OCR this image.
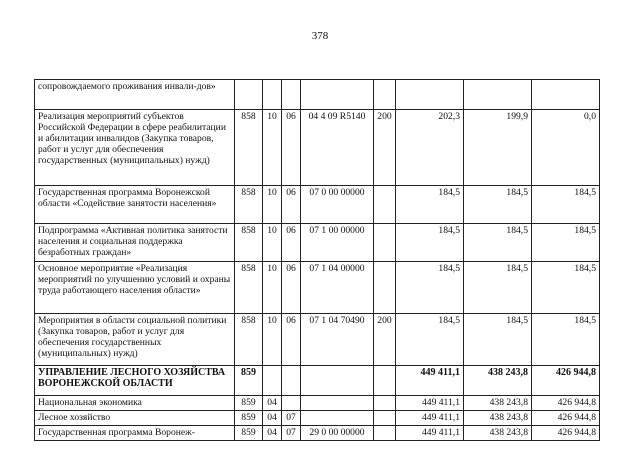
378
сопровождаемого проживания инвали-дов»								
Реализация мероприятий субъектов Российской Федерации в сфере реабилитации и абилитации инвалидов (Закупка товаров, работ и услуг для обеспечения государственных (муниципальных) нужд)	858	10	06	04 4 09 R5140	200	202,3	199,9	0,0
Государственная программа Воронежской области «Содействие занятости населения»	858	10	06	07 0 00 00000		184,5	184,5	184,5
Подпрограмма «Активная политика занятости населения и социальная поддержка безработных граждан»	858	10	06	07 1 00 00000		184,5	184,5	184,5
Основное мероприятие «Реализация мероприятий по улучшению условий и охраны труда работающего населения области»	858	10	06	07 1 04 00000		184,5	184,5	184,5
Мероприятия в области социальной политики (Закупка товаров, работ и услуг для обеспечения государственных (муниципальных) нужд)	858	10	06	07 1 04 70490	200	184,5	184,5	184,5
УПРАВЛЕНИЕ ЛЕСНОГО ХОЗЯЙСТВА ВОРОНЕЖСКОЙ ОБЛАСТИ	859					449 411,1	438 243,8	426 944,8
Национальная экономика	859	04				449 411,1	438 243,8	426 944,8
Лесное хозяйство	859	04	07			449 411,1	438 243,8	426 944,8
Государственная программа Воронеж-	859	04	07	29 0 00 00000		449 411,1	438 243,8	426 944,8
